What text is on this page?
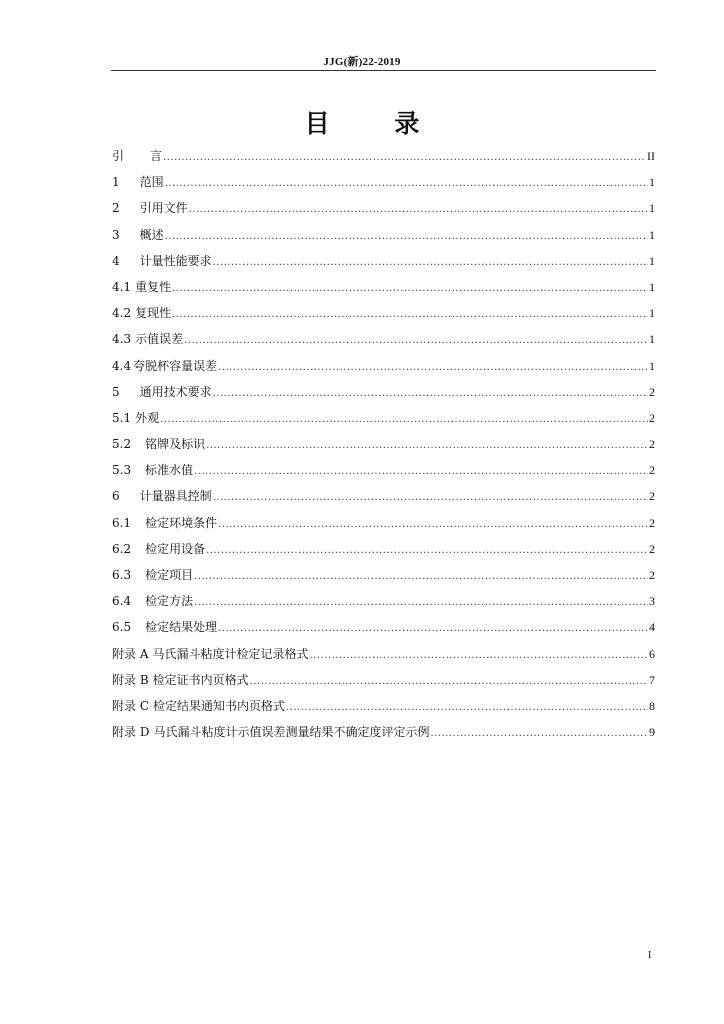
JJG(新)22-2019
目 录
引 言 .....	II
1 范围 .....	1
2 引用文件 .....	1
3 概述 .....	1
4 计量性能要求 .....	1
4.1 重复性 .....	1
4.2 复现性 .....	1
4.3 示值误差 .....	1
4.4 夸脱杯容量误差 .....	1
5 通用技术要求 .....	2
5.1 外观 .....	2
5.2 铭牌及标识 .....	2
5.3 标准水值 .....	2
6 计量器具控制 .....	2
6.1 检定环境条件 .....	2
6.2 检定用设备 .....	2
6.3 检定项目 .....	2
6.4 检定方法 .....	3
6.5 检定结果处理 .....	4
附录 A 马氏漏斗粘度计检定记录格式 .....	6
附录 B 检定证书内页格式 .....	7
附录 C 检定结果通知书内页格式 .....	8
附录 D 马氏漏斗粘度计示值误差测量结果不确定度评定示例 .....	9
I
